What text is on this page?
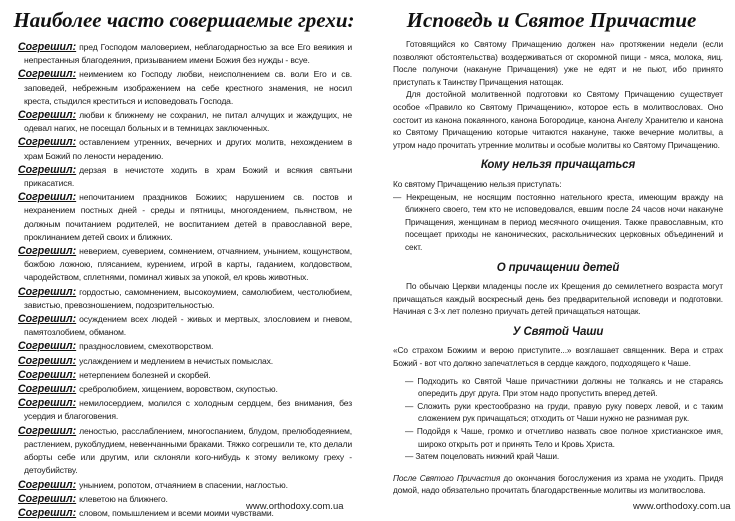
Наиболее часто совершаемые грехи:
Согрешил: пред Господом маловерием, неблагодарностью за все Его веяикия и непрестанныя благодеяния, призыванием имени Божия без нужды - всуе.
Согрешил: неимением ко Господу любви, неисполнением св. воли Его и св. заповедей, небрежным изображением на себе крестного знамения, не носил креста, стыдился креститься и исповедовать Господа.
Согрешил: любви к ближнему не сохранил, не питал алчущих и жаждущих, не одевал нагих, не посещал больных и в темницах заключенных.
Согрешил: оставлением утренних, вечерних и других молитв, нехождением в храм Божий по лености нерадению.
Согрешил: дерзая в нечистоте ходить в храм Божий и всякия святыни прикасатися.
Согрешил: непочитанием праздников Божиих; нарушением св. постов и нехранением постных дней - среды и пятницы, многоядением, пьянством, не должным почитанием родителей, не воспитанием детей в православной вере, проклинанием детей своих и ближних.
Согрешил: неверием, суеверием, сомнением, отчаянием, унынием, кощунством, божбою ложною, плясанием, курением, игрой в карты, гаданием, колдовством, чародейством, сплетнями, поминал живых за упокой, ел кровь животных.
Согрешил: гордостью, самомнением, высокоумием, самолюбием, честолюбием, завистью, превозношением, подозрительностью.
Согрешил: осуждением всех людей - живых и мертвых, злословием и гневом, памятозлобием, обманом.
Согрешил: празднословием, смехотворством.
Согрешил: услаждением и медлением в нечистых помыслах.
Согрешил: нетерпением болезней и скорбей.
Согрешил: сребролюбием, хищением, воровством, скупостью.
Согрешил: немилосердием, молился с холодным сердцем, без внимания, без усердия и благоговения.
Согрешил: леностью, расслаблением, многоспанием, блудом, прелюбодеянием, растлением, рукоблудием, невенчанными браками. Тяжко согрешили те, кто делали аборты себе или другим, или склоняли кого-нибудь к этому великому греху - детоубийству.
Согрешил: унынием, ропотом, отчаянием в спасении, наглостью.
Согрешил: клеветою на ближнего.
Согрешил: словом, помышлением и всеми моими чувствами.
www.orthodoxy.com.ua
Исповедь и Святое Причастие

Готовящийся ко Святому Причащению должен на» протяжении недели (если позволяют обстоятельства) воздерживаться от скоромной пищи - мяса, молока, яиц. После полуночи (накануне Причащения) уже не едят и не пьют, ибо принято приступать к Таинству Причащения натощак.

Для достойной молитвенной подготовки ко Святому Причащению существует особое «Правило ко Святому Причащению», которое есть в молитвословах. Оно состоит из канона покаянного, канона Богородице, канона Ангелу Хранителю и канона ко Святому Причащению которые читаются накануне, также вечерние молитвы, а утром надо прочитать утренние молитвы и особые молитвы ко Святому Причащению.

Кому нельзя причащаться

Ко святому Причащению нельзя приступать:

— Некрещеным, не носящим постоянно нательного креста, имеющим вражду на ближнего своего, тем кто не исповедовался, евшим после 24 часов ночи накануне Причащения, женщинам в период месячного очищения. Также православным, кто посещает приходы не канонических, раскольнических церковных объединений и сект.

О причащении детей

По обычаю Церкви младенцы после их Крещения до семилетнего возраста могут причащаться каждый воскресный день без предварительной исповеди и подготовки. Начиная с 3-х лет полезно приучать детей причащаться натощак.

У Святой Чаши

«Со страхом Божиим и верою приступите...» возглашает священник. Вера и страх Божий - вот что должно запечатлеться в сердце каждого, подходящего к Чаше.

— Подходить ко Святой Чаше причастники должны не толкаясь и не стараясь опередить друг друга. При этом надо пропустить вперед детей.

— Сложить руки крестообразно на груди, правую руку поверх левой, и с таким сложением рук причащаться; отходить от Чаши нужно не разнимая рук.

— Подойдя к Чаше, громко и отчетливо назвать свое полное христианское имя, широко открыть рот и принять Тело и Кровь Христа.

— Затем поцеловать нижний край Чаши.

После Святого Причастия до окончания богослужения из храма не уходить. Придя домой, надо обязательно прочитать благодарственные молитвы из молитвослова.

www.orthodoxy.com.ua
